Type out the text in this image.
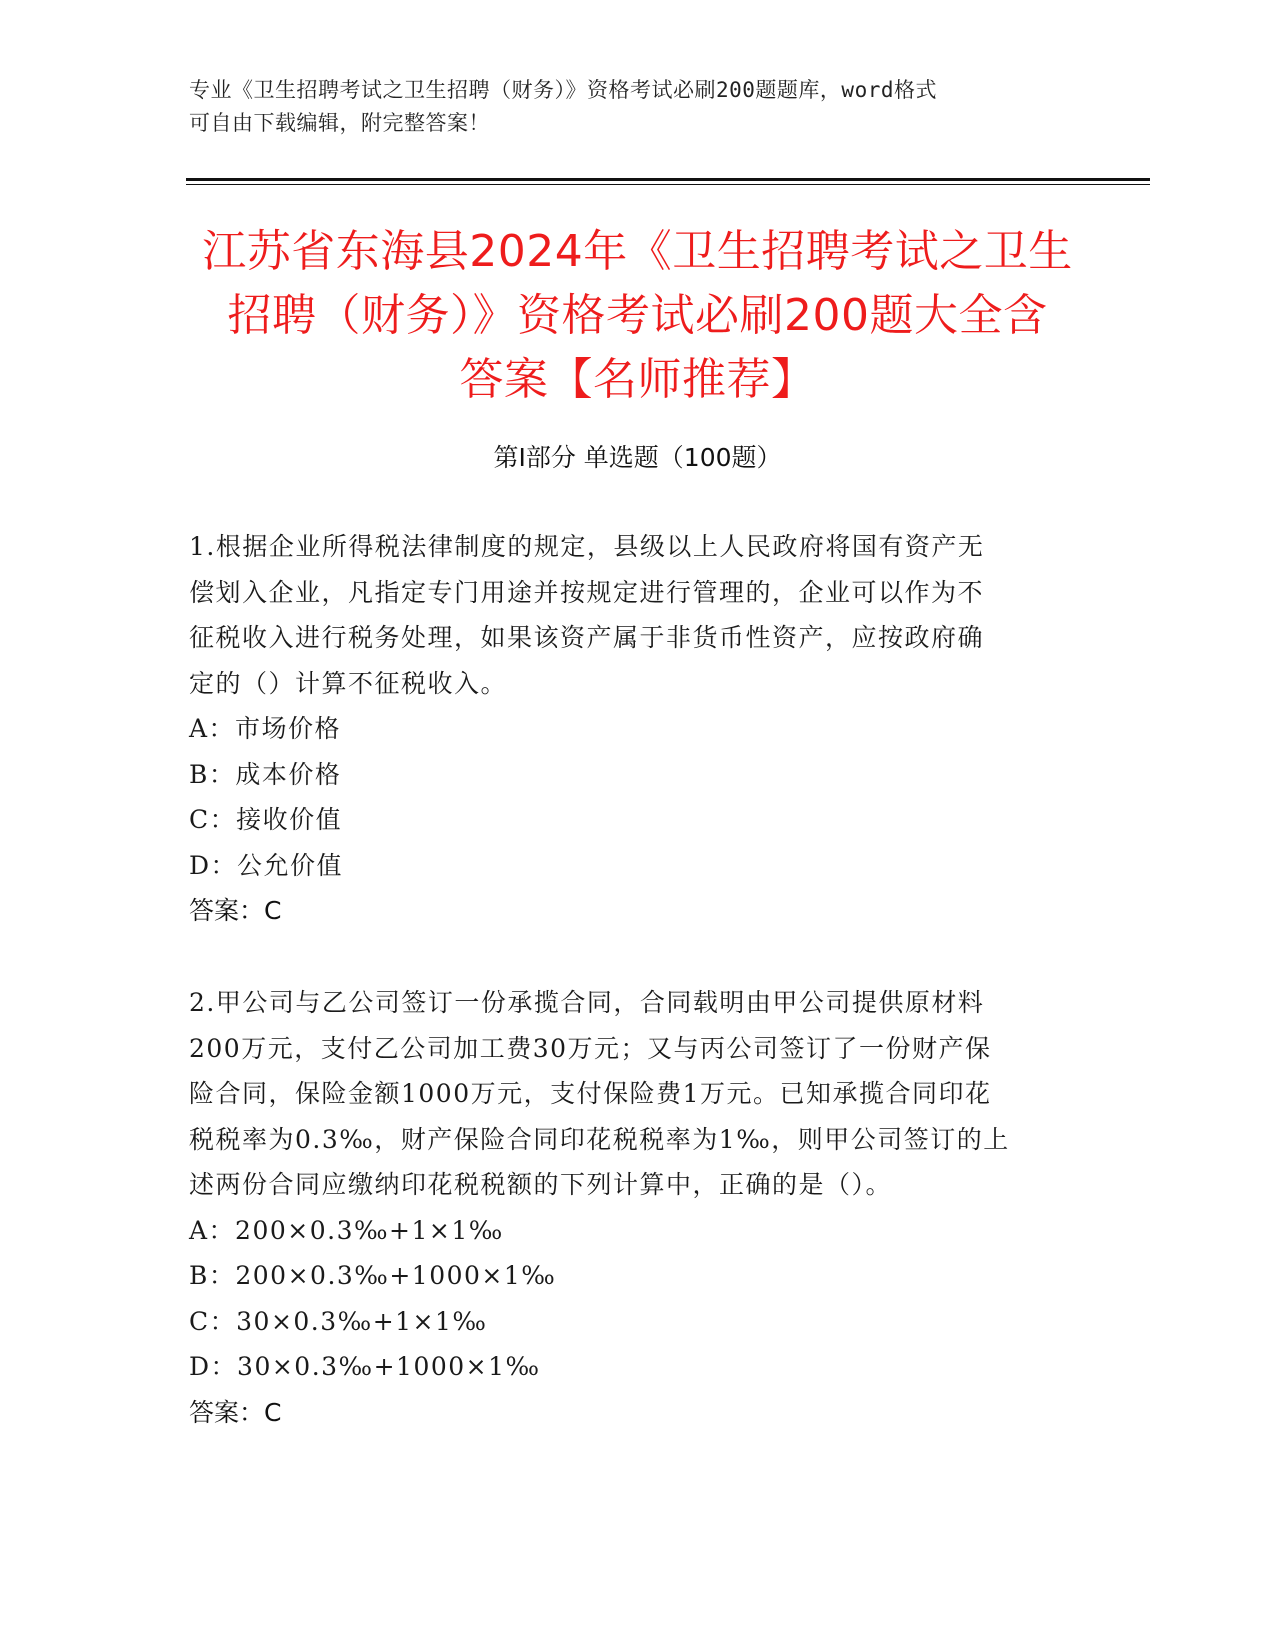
专业《卫生招聘考试之卫生招聘（财务）》资格考试必刷200题题库，word格式
可自由下载编辑，附完整答案！
江苏省东海县2024年《卫生招聘考试之卫生
招聘（财务）》资格考试必刷200题大全含
答案【名师推荐】
第Ⅰ部分 单选题（100题）

1.根据企业所得税法律制度的规定，县级以上人民政府将国有资产无

偿划入企业，凡指定专门用途并按规定进行管理的，企业可以作为不

征税收入进行税务处理，如果该资产属于非货币性资产，应按政府确

定的（）计算不征税收入。

A：市场价格

B：成本价格

C：接收价值

D：公允价值

答案：C

2.甲公司与乙公司签订一份承揽合同，合同载明由甲公司提供原材料

200万元，支付乙公司加工费30万元；又与丙公司签订了一份财产保

险合同，保险金额1000万元，支付保险费1万元。已知承揽合同印花

税税率为0.3‰，财产保险合同印花税税率为1‰，则甲公司签订的上

述两份合同应缴纳印花税税额的下列计算中，正确的是（）。

A：200×0.3‰+1×1‰

B：200×0.3‰+1000×1‰

C：30×0.3‰+1×1‰

D：30×0.3‰+1000×1‰

答案：C
